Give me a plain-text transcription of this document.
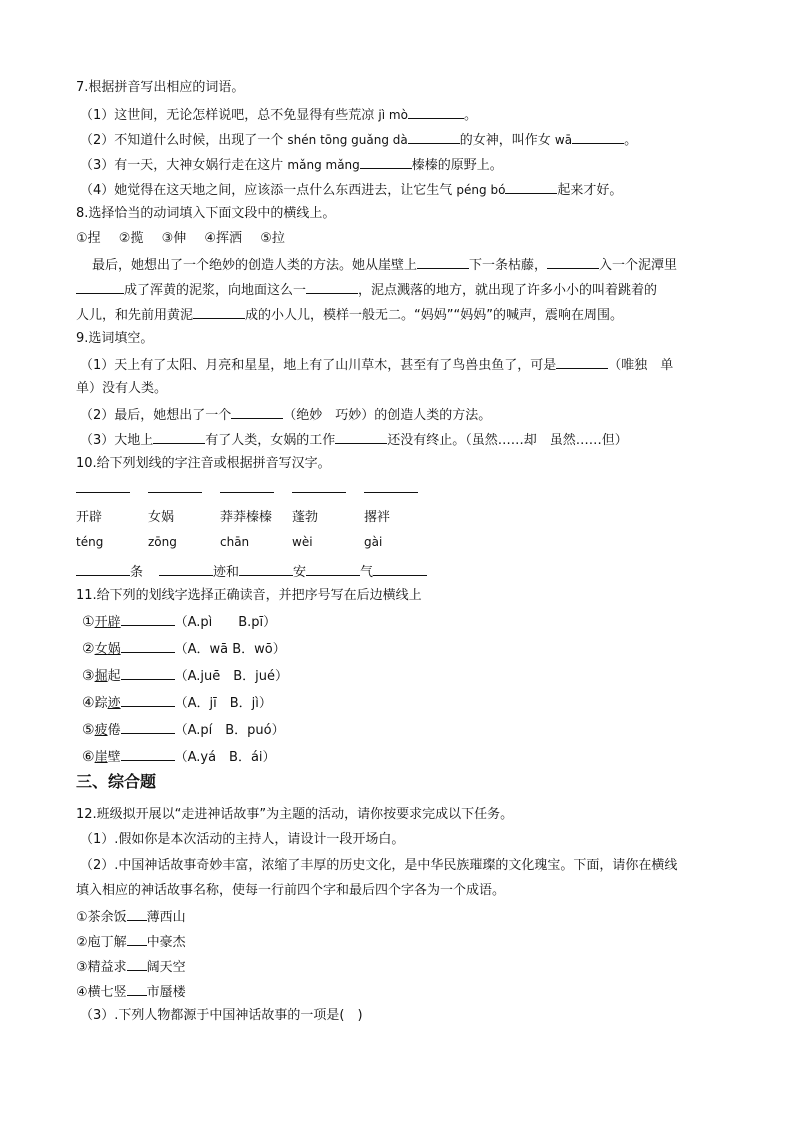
7.根据拼音写出相应的词语。
（1）这世间，无论怎样说吧，总不免显得有些荒凉 jì mò	。
（2）不知道什么时候，出现了一个 shén tōng guǎng dà	的女神，叫作女 wā	。
（3）有一天，大神女娲行走在这片 mǎng mǎng	榛榛的原野上。
（4）她觉得在这天地之间，应该添一点什么东西进去，让它生气 péng bó	起来才好。
8.选择恰当的动词填入下面文段中的横线上。
①捏 ②揽 ③伸 ④挥洒 ⑤拉
最后，她想出了一个绝妙的创造人类的方法。她从崖壁上	下一条枯藤，	入一个泥潭里
成了浑黄的泥浆，向地面这么一	，泥点溅落的地方，就出现了许多小小的叫着跳着的
人儿，和先前用黄泥	成的小人儿，模样一般无二。“妈妈”“妈妈”的喊声，震响在周围。
9.选词填空。
（1）天上有了太阳、月亮和星星，地上有了山川草木，甚至有了鸟兽虫鱼了，可是	（唯独　单
单）没有人类。
（2）最后，她想出了一个	（绝妙　巧妙）的创造人类的方法。
（3）大地上	有了人类，女娲的工作	还没有终止。（虽然……却　虽然……但）
10.给下列划线的字注音或根据拼音写汉字。
开辟	女娲	莽莽榛榛 蓬勃	撂袢
téng	zōng	chān	wèi	gài
条	迹和	安	气
11.给下列的划线字选择正确读音，并把序号写在后边横线上
①开辟	（A.pì　　B.pī）
②女娲	（A．wā B．wō）
③掘起	（A.juē　B．jué）
④踪迹	（A．jī　B．jì）
⑤疲倦	（A.pí　B．puó）
⑥崖壁	（A.yá　B．ái）
三、综合题
12.班级拟开展以“走进神话故事”为主题的活动，请你按要求完成以下任务。
（1）.假如你是本次活动的主持人，请设计一段开场白。
（2）.中国神话故事奇妙丰富，浓缩了丰厚的历史文化，是中华民族璀璨的文化瑰宝。下面，请你在横线
填入相应的神话故事名称，使每一行前四个字和最后四个字各为一个成语。
①茶余饭 薄西山
②庖丁解 中豪杰
③精益求 阔天空
④横七竖 市蜃楼
（3）.下列人物都源于中国神话故事的一项是(　)
